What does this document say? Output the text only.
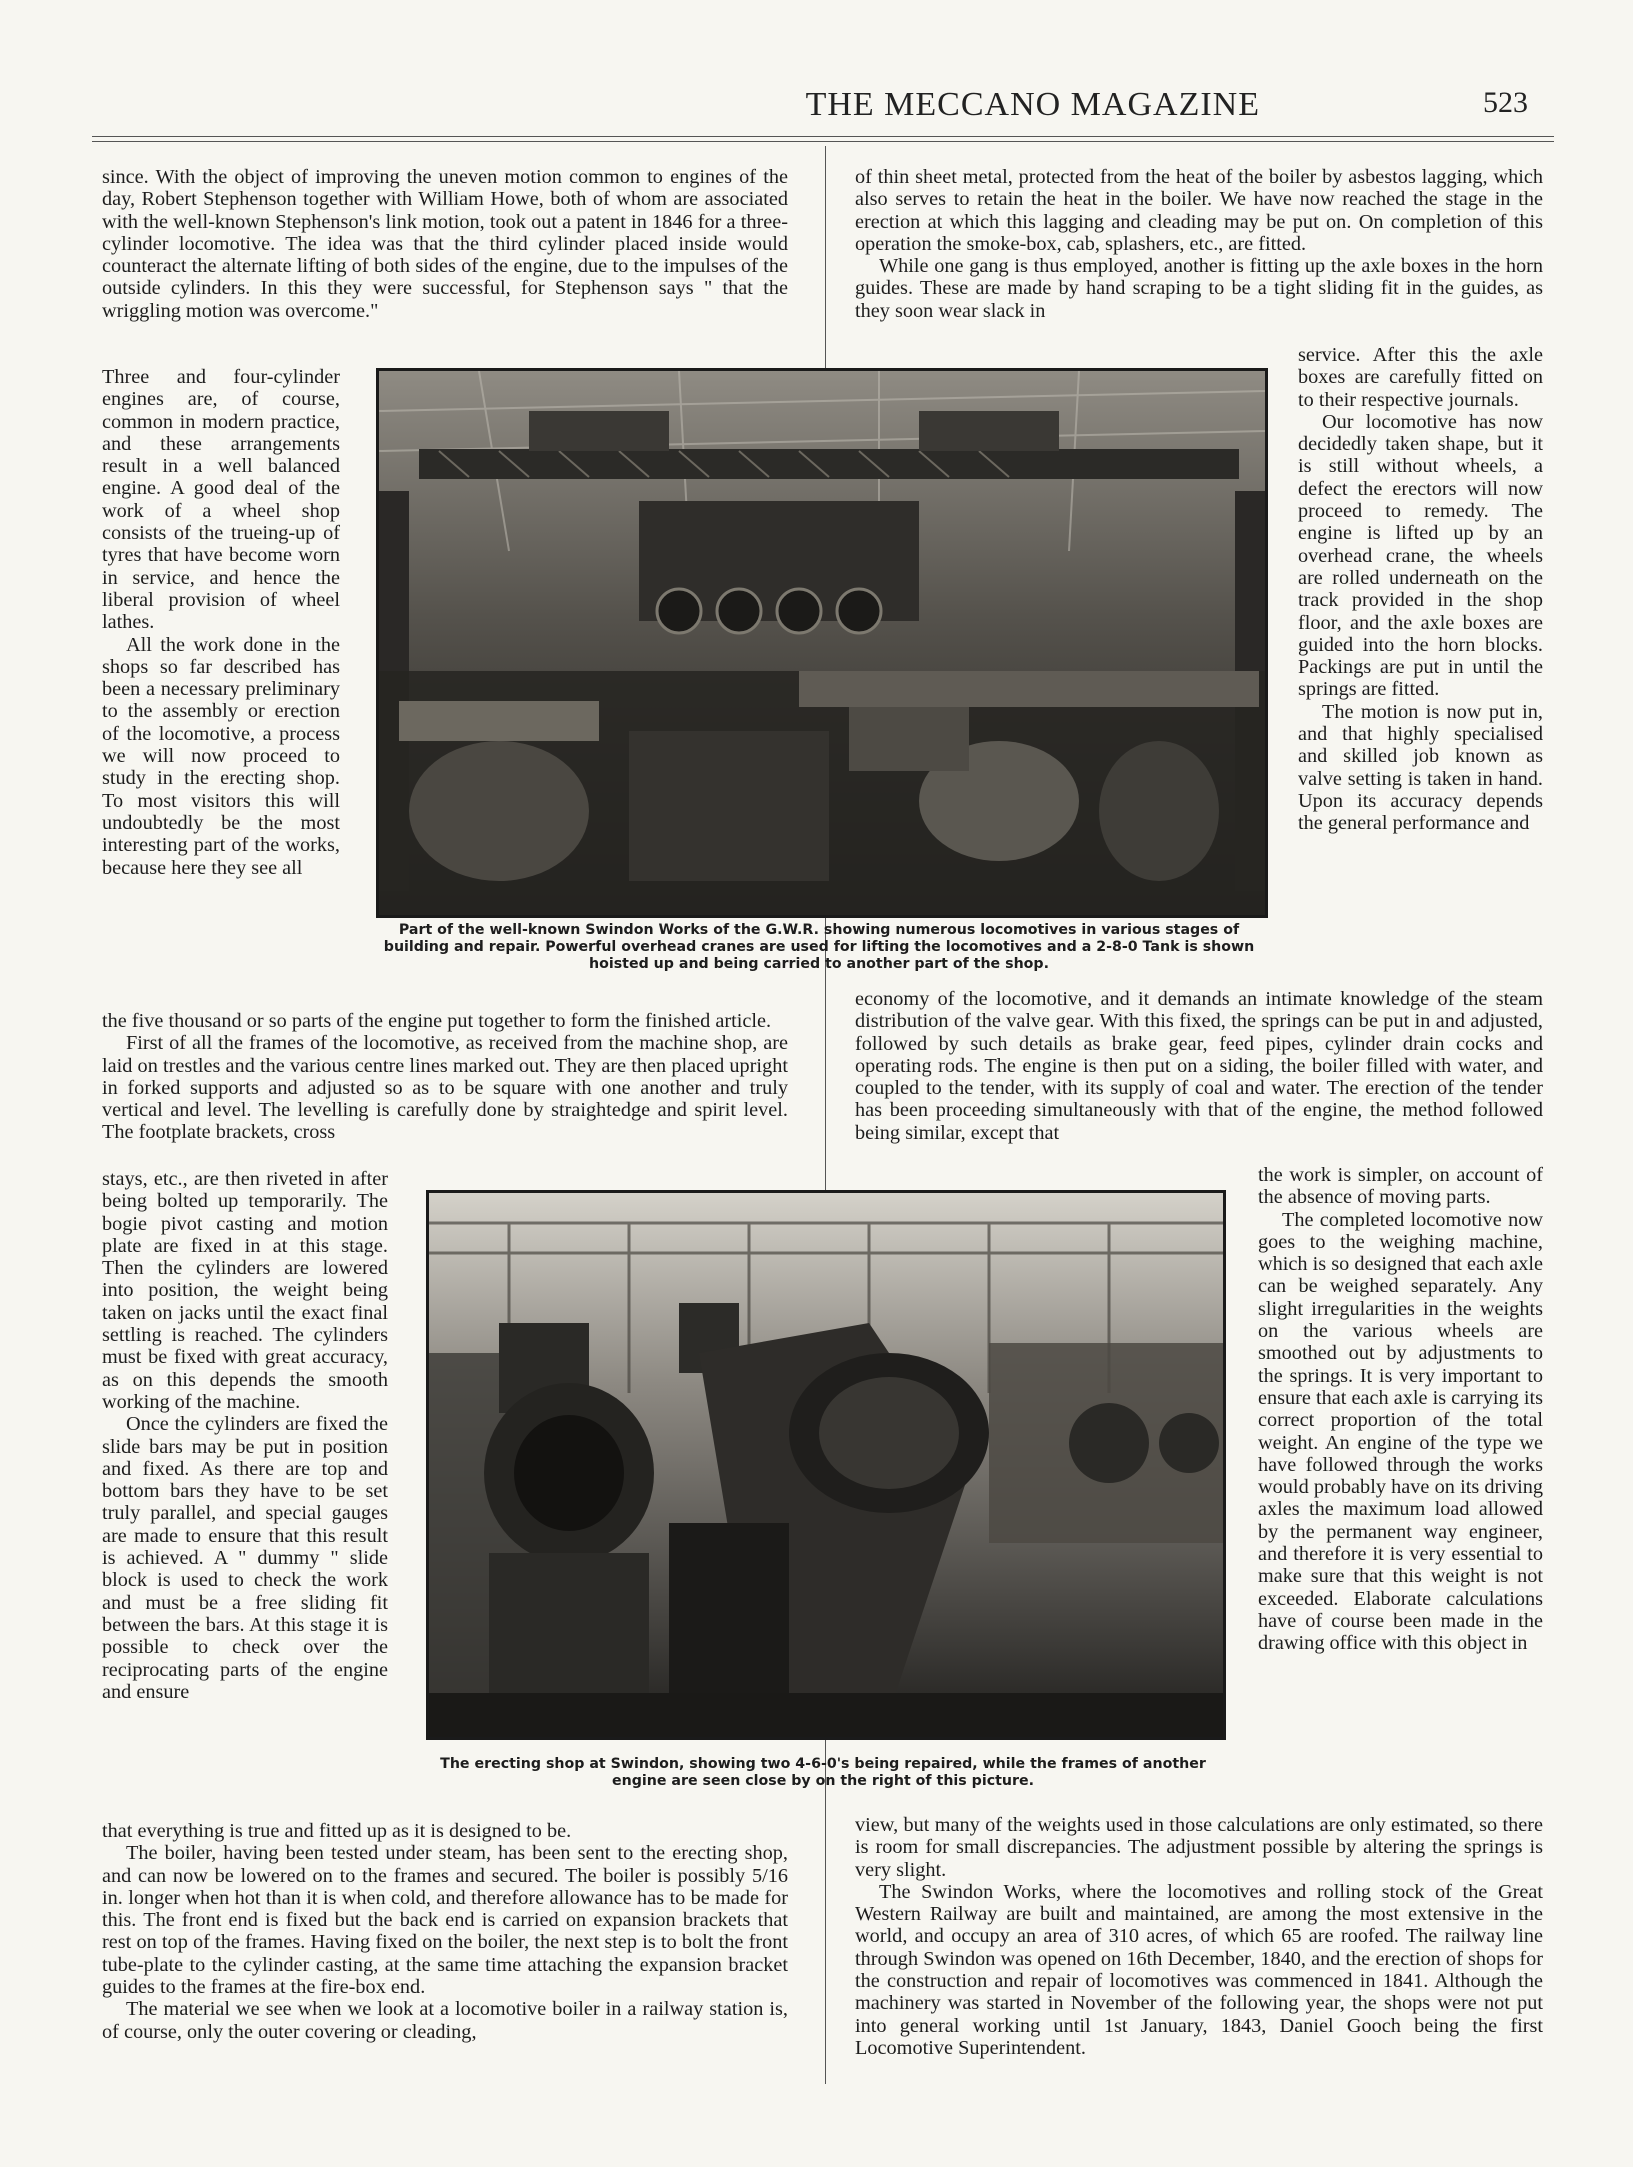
THE MECCANO MAGAZINE	523

since. With the object of improving the uneven motion common to engines of the day, Robert Stephenson together with William Howe, both of whom are associated with the well-known Stephenson's link motion, took out a patent in 1846 for a three-cylinder locomotive. The idea was that the third cylinder placed inside would counteract the alternate lifting of both sides of the engine, due to the impulses of the outside cylinders. In this they were successful, for Stephenson says " that the wriggling motion was overcome."

Three and four-cylinder engines are, of course, common in modern practice, and these arrangements result in a well balanced engine. A good deal of the work of a wheel shop consists of the trueing-up of tyres that have become worn in service, and hence the liberal provision of wheel lathes.

All the work done in the shops so far described has been a necessary preliminary to the assembly or erection of the locomotive, a process we will now proceed to study in the erecting shop. To most visitors this will undoubtedly be the most interesting part of the works, because here they see all

the five thousand or so parts of the engine put together to form the finished article.

First of all the frames of the locomotive, as received from the machine shop, are laid on trestles and the various centre lines marked out. They are then placed upright in forked supports and adjusted so as to be square with one another and truly vertical and level. The levelling is carefully done by straightedge and spirit level. The footplate brackets, cross

stays, etc., are then riveted in after being bolted up temporarily. The bogie pivot casting and motion plate are fixed in at this stage. Then the cylinders are lowered into position, the weight being taken on jacks until the exact final settling is reached. The cylinders must be fixed with great accuracy, as on this depends the smooth working of the machine.

Once the cylinders are fixed the slide bars may be put in position and fixed. As there are top and bottom bars they have to be set truly parallel, and special gauges are made to ensure that this result is achieved. A " dummy " slide block is used to check the work and must be a free sliding fit between the bars. At this stage it is possible to check over the reciprocating parts of the engine and ensure

that everything is true and fitted up as it is designed to be.

The boiler, having been tested under steam, has been sent to the erecting shop, and can now be lowered on to the frames and secured. The boiler is possibly 5/16 in. longer when hot than it is when cold, and therefore allowance has to be made for this. The front end is fixed but the back end is carried on expansion brackets that rest on top of the frames. Having fixed on the boiler, the next step is to bolt the front tube-plate to the cylinder casting, at the same time attaching the expansion bracket guides to the frames at the fire-box end.

The material we see when we look at a locomotive boiler in a railway station is, of course, only the outer covering or cleading,

of thin sheet metal, protected from the heat of the boiler by asbestos lagging, which also serves to retain the heat in the boiler. We have now reached the stage in the erection at which this lagging and cleading may be put on. On completion of this operation the smoke-box, cab, splashers, etc., are fitted.

While one gang is thus employed, another is fitting up the axle boxes in the horn guides. These are made by hand scraping to be a tight sliding fit in the guides, as they soon wear slack in

service. After this the axle boxes are carefully fitted on to their respective journals.

Our locomotive has now decidedly taken shape, but it is still without wheels, a defect the erectors will now proceed to remedy. The engine is lifted up by an overhead crane, the wheels are rolled underneath on the track provided in the shop floor, and the axle boxes are guided into the horn blocks. Packings are put in until the springs are fitted.

The motion is now put in, and that highly specialised and skilled job known as valve setting is taken in hand. Upon its accuracy depends the general performance and

economy of the locomotive, and it demands an intimate knowledge of the steam distribution of the valve gear. With this fixed, the springs can be put in and adjusted, followed by such details as brake gear, feed pipes, cylinder drain cocks and operating rods. The engine is then put on a siding, the boiler filled with water, and coupled to the tender, with its supply of coal and water. The erection of the tender has been proceeding simultaneously with that of the engine, the method followed being similar, except that

the work is simpler, on account of the absence of moving parts.

The completed locomotive now goes to the weighing machine, which is so designed that each axle can be weighed separately. Any slight irregularities in the weights on the various wheels are smoothed out by adjustments to the springs. It is very important to ensure that each axle is carrying its correct proportion of the total weight. An engine of the type we have followed through the works would probably have on its driving axles the maximum load allowed by the permanent way engineer, and therefore it is very essential to make sure that this weight is not exceeded. Elaborate calculations have of course been made in the drawing office with this object in

view, but many of the weights used in those calculations are only estimated, so there is room for small discrepancies. The adjustment possible by altering the springs is very slight.

The Swindon Works, where the locomotives and rolling stock of the Great Western Railway are built and maintained, are among the most extensive in the world, and occupy an area of 310 acres, of which 65 are roofed. The railway line through Swindon was opened on 16th December, 1840, and the erection of shops for the construction and repair of locomotives was commenced in 1841. Although the machinery was started in November of the following year, the shops were not put into general working until 1st January, 1843, Daniel Gooch being the first Locomotive Superintendent.

Part of the well-known Swindon Works of the G.W.R. showing numerous locomotives in various stages of building and repair. Powerful overhead cranes are used for lifting the locomotives and a 2-8-0 Tank is shown hoisted up and being carried to another part of the shop.
The erecting shop at Swindon, showing two 4-6-0's being repaired, while the frames of another engine are seen close by on the right of this picture.
